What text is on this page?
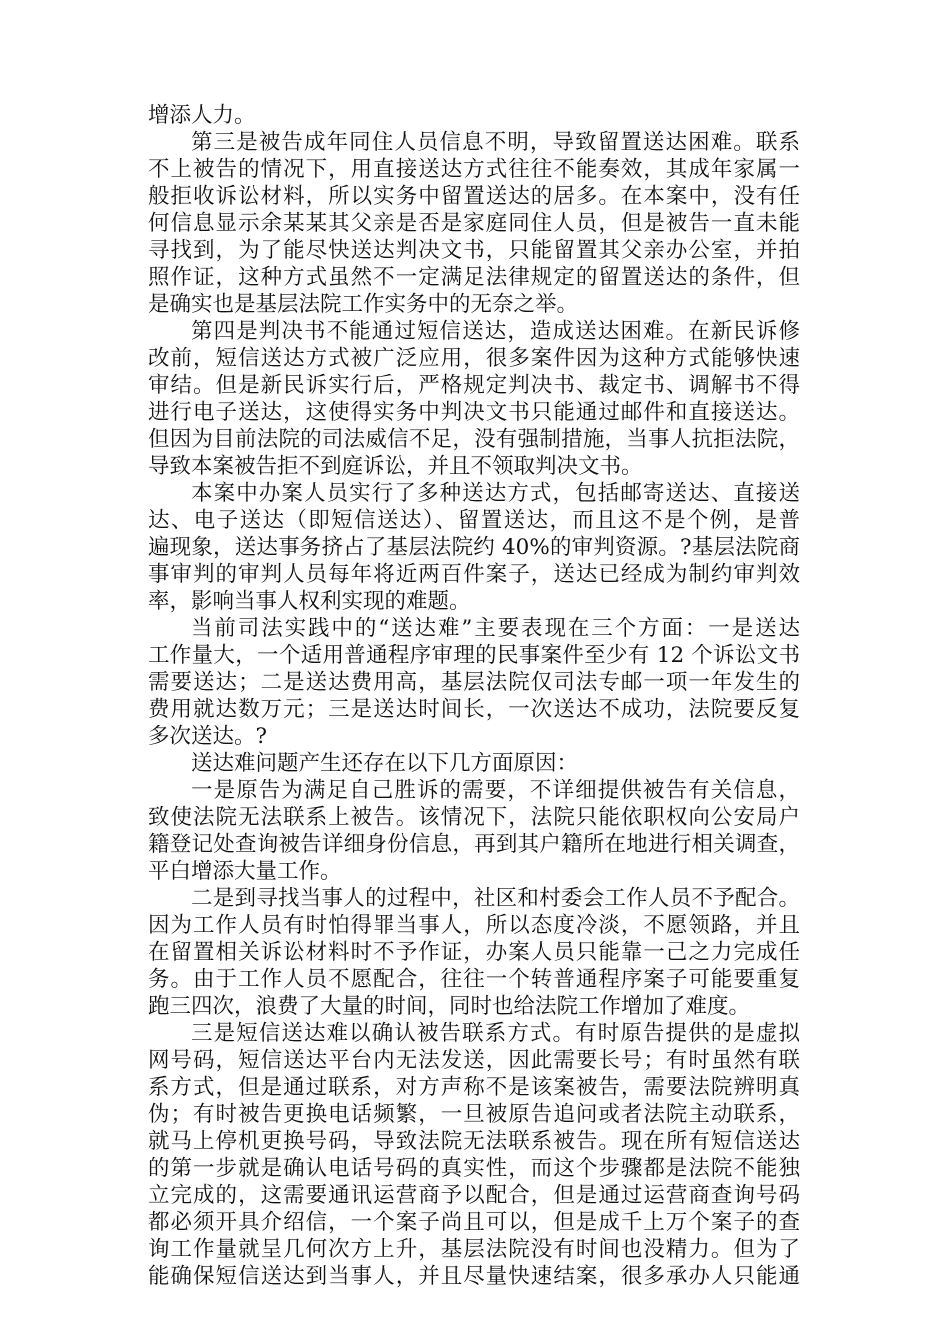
增添人力。
第三是被告成年同住人员信息不明，导致留置送达困难。联系
不上被告的情况下，用直接送达方式往往不能奏效，其成年家属一
般拒收诉讼材料，所以实务中留置送达的居多。在本案中，没有任
何信息显示余某某其父亲是否是家庭同住人员，但是被告一直未能
寻找到，为了能尽快送达判决文书，只能留置其父亲办公室，并拍
照作证，这种方式虽然不一定满足法律规定的留置送达的条件，但
是确实也是基层法院工作实务中的无奈之举。
第四是判决书不能通过短信送达，造成送达困难。在新民诉修
改前，短信送达方式被广泛应用，很多案件因为这种方式能够快速
审结。但是新民诉实行后，严格规定判决书、裁定书、调解书不得
进行电子送达，这使得实务中判决文书只能通过邮件和直接送达。
但因为目前法院的司法威信不足，没有强制措施，当事人抗拒法院，
导致本案被告拒不到庭诉讼，并且不领取判决文书。
本案中办案人员实行了多种送达方式，包括邮寄送达、直接送
达、电子送达（即短信送达）、留置送达，而且这不是个例，是普
遍现象，送达事务挤占了基层法院约 40%的审判资源。?基层法院商
事审判的审判人员每年将近两百件案子，送达已经成为制约审判效
率，影响当事人权利实现的难题。
当前司法实践中的“送达难”主要表现在三个方面：一是送达
工作量大，一个适用普通程序审理的民事案件至少有 12 个诉讼文书
需要送达；二是送达费用高，基层法院仅司法专邮一项一年发生的
费用就达数万元；三是送达时间长，一次送达不成功，法院要反复
多次送达。?
送达难问题产生还存在以下几方面原因：
一是原告为满足自己胜诉的需要，不详细提供被告有关信息，
致使法院无法联系上被告。该情况下，法院只能依职权向公安局户
籍登记处查询被告详细身份信息，再到其户籍所在地进行相关调查，
平白增添大量工作。
二是到寻找当事人的过程中，社区和村委会工作人员不予配合。
因为工作人员有时怕得罪当事人，所以态度冷淡，不愿领路，并且
在留置相关诉讼材料时不予作证，办案人员只能靠一己之力完成任
务。由于工作人员不愿配合，往往一个转普通程序案子可能要重复
跑三四次，浪费了大量的时间，同时也给法院工作增加了难度。
三是短信送达难以确认被告联系方式。有时原告提供的是虚拟
网号码，短信送达平台内无法发送，因此需要长号；有时虽然有联
系方式，但是通过联系，对方声称不是该案被告，需要法院辨明真
伪；有时被告更换电话频繁，一旦被原告追问或者法院主动联系，
就马上停机更换号码，导致法院无法联系被告。现在所有短信送达
的第一步就是确认电话号码的真实性，而这个步骤都是法院不能独
立完成的，这需要通讯运营商予以配合，但是通过运营商查询号码
都必须开具介绍信，一个案子尚且可以，但是成千上万个案子的查
询工作量就呈几何次方上升，基层法院没有时间也没精力。但为了
能确保短信送达到当事人，并且尽量快速结案，很多承办人只能通
